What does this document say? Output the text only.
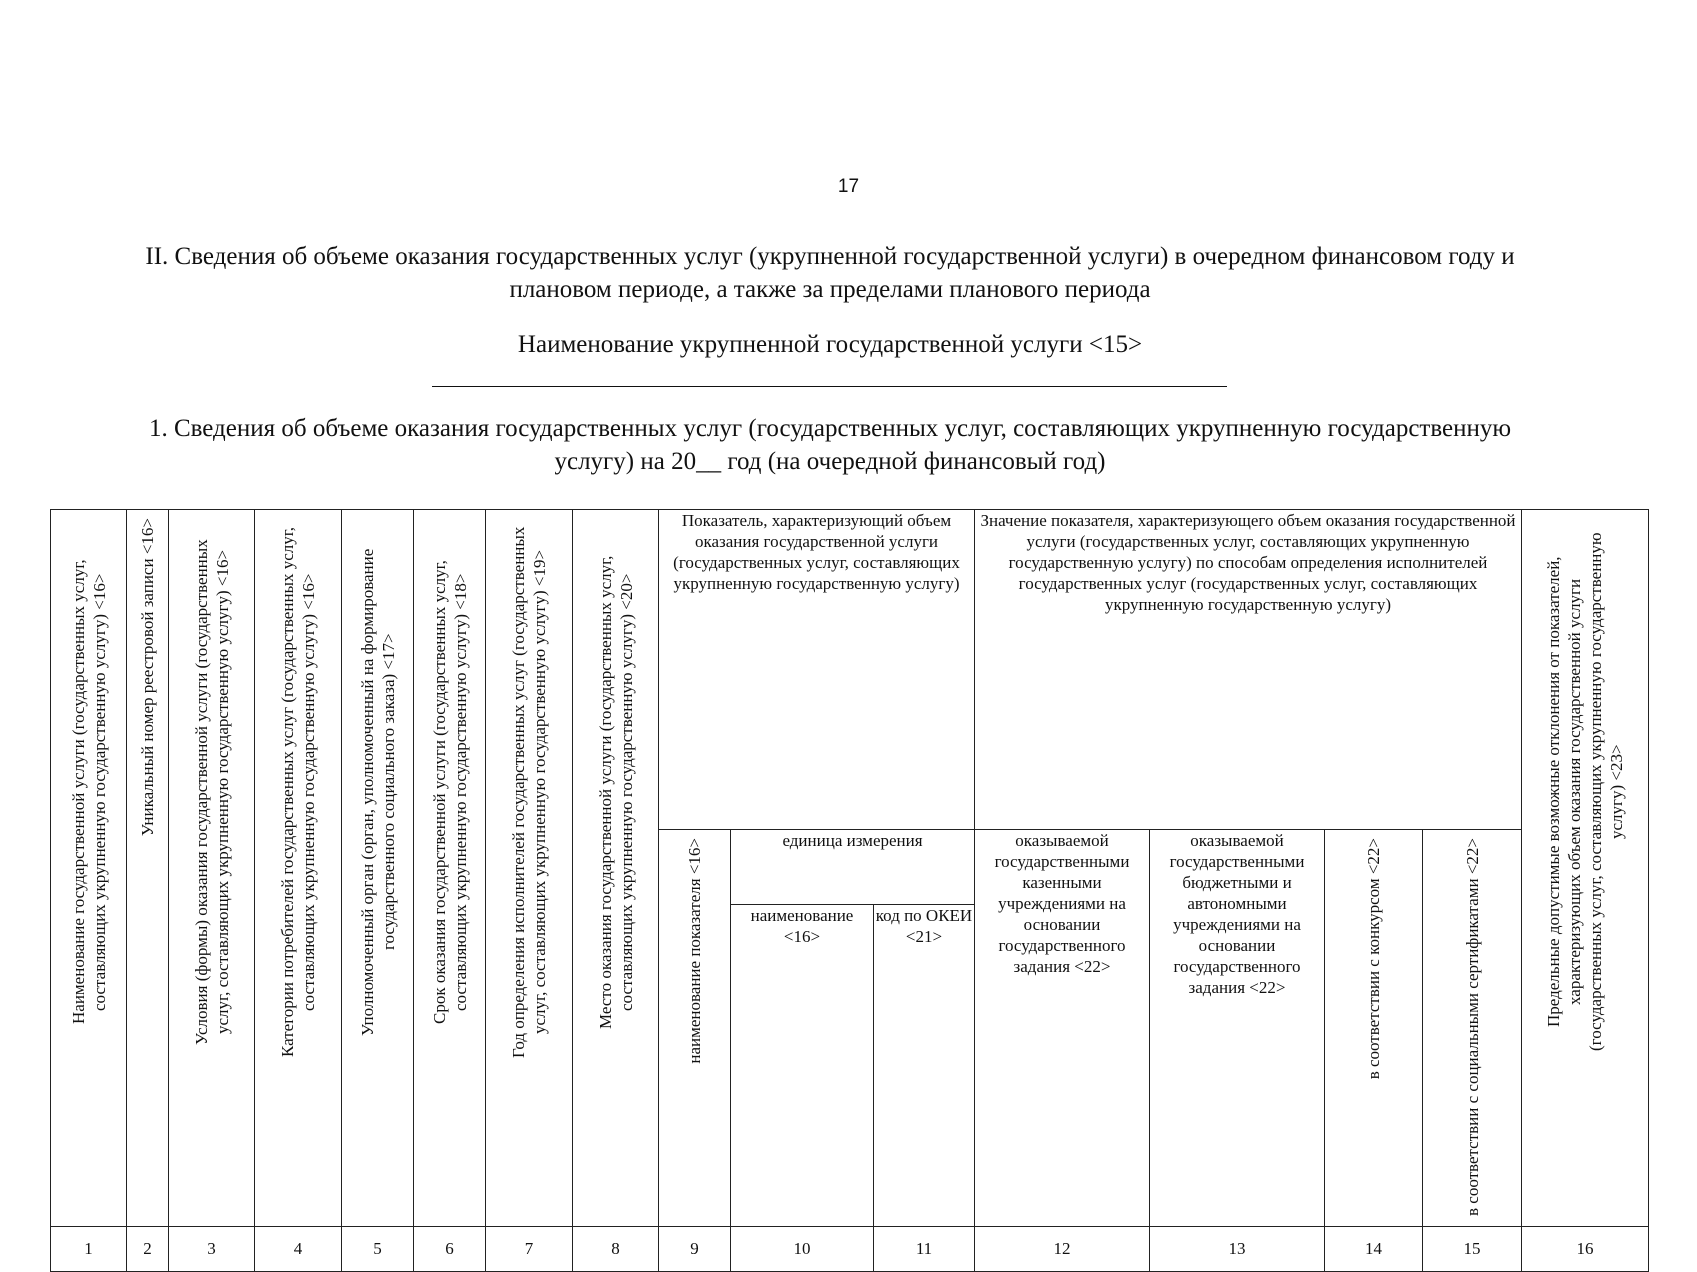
17
II. Сведения об объеме оказания государственных услуг (укрупненной государственной услуги) в очередном финансовом году и плановом периоде, а также за пределами планового периода
Наименование укрупненной государственной услуги <15>
1. Сведения об объеме оказания государственных услуг (государственных услуг, составляющих укрупненную государственную услугу) на 20__ год (на очередной финансовый год)
Наименование государственной услуги (государственных услуг, составляющих укрупненную государственную услугу) <16>	Уникальный номер реестровой записи <16>	Условия (формы) оказания государственной услуги (государственных услуг, составляющих укрупненную государственную услугу) <16>	Категории потребителей государственных услуг (государственных услуг, составляющих укрупненную государственную услугу) <16>	Уполномоченный орган (орган, уполномоченный на формирование государственного социального заказа) <17>	Срок оказания государственной услуги (государственных услуг, составляющих укрупненную государственную услугу) <18>	Год определения исполнителей государственных услуг (государственных услуг, составляющих укрупненную государственную услугу) <19>	Место оказания государственной услуги (государственных услуг, составляющих укрупненную государственную услугу) <20>	Показатель, характеризующий объем оказания государственной услуги (государственных услуг, составляющих укрупненную государственную услугу)			Значение показателя, характеризующего объем оказания государственной услуги (государственных услуг, составляющих укрупненную государственную услугу) по способам определения исполнителей государственных услуг (государственных услуг, составляющих укрупненную государственную услугу)				Предельные допустимые возможные отклонения от показателей, характеризующих объем оказания государственной услуги (государственных услуг, составляющих укрупненную государственную услугу) <23>

								наименование показателя <16>	единица измерения		оказываемой государственными казенными учреждениями на основании государственного задания <22>	оказываемой государственными бюджетными и автономными учреждениями на основании государственного задания <22>	в соответствии с конкурсом <22>	в соответствии с социальными сертификатами <22>	

									наименование <16>	код по ОКЕИ <21>					
1	2	3	4	5	6	7	8	9	10	11	12	13	14	15	16
